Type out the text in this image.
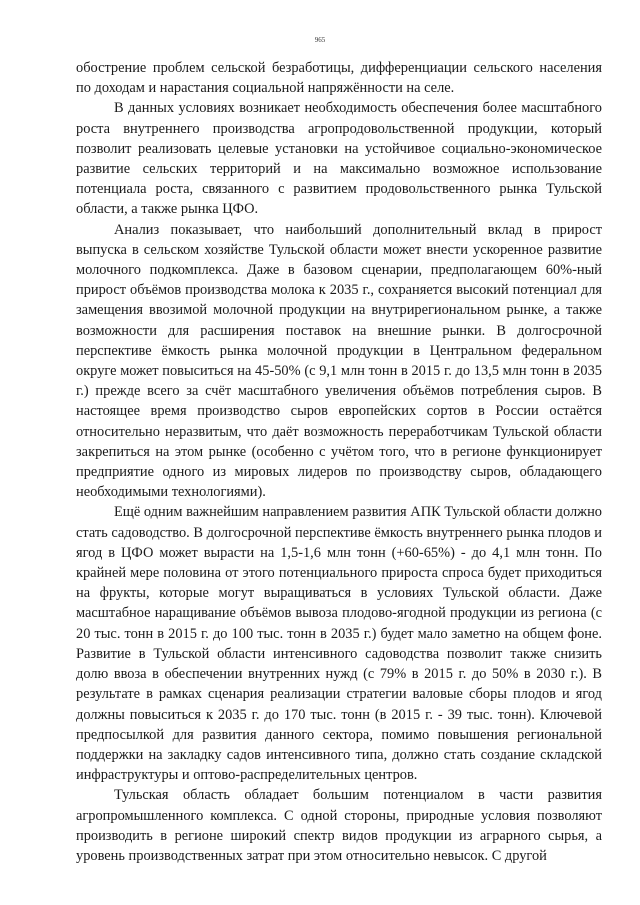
965

обострение проблем сельской безработицы, дифференциации сельского населения по доходам и нарастания социальной напряжённости на селе.

В данных условиях возникает необходимость обеспечения более масштабного роста внутреннего производства агропродовольственной продукции, который позволит реализовать целевые установки на устойчивое социально-экономическое развитие сельских территорий и на максимально возможное использование потенциала роста, связанного с развитием продовольственного рынка Тульской области, а также рынка ЦФО.

Анализ показывает, что наибольший дополнительный вклад в прирост выпуска в сельском хозяйстве Тульской области может внести ускоренное развитие молочного подкомплекса. Даже в базовом сценарии, предполагающем 60%-ный прирост объёмов производства молока к 2035 г., сохраняется высокий потенциал для замещения ввозимой молочной продукции на внутрирегиональном рынке, а также возможности для расширения поставок на внешние рынки. В долгосрочной перспективе ёмкость рынка молочной продукции в Центральном федеральном округе может повыситься на 45-50% (с 9,1 млн тонн в 2015 г. до 13,5 млн тонн в 2035 г.) прежде всего за счёт масштабного увеличения объёмов потребления сыров. В настоящее время производство сыров европейских сортов в России остаётся относительно неразвитым, что даёт возможность переработчикам Тульской области закрепиться на этом рынке (особенно с учётом того, что в регионе функционирует предприятие одного из мировых лидеров по производству сыров, обладающего необходимыми технологиями).

Ещё одним важнейшим направлением развития АПК Тульской области должно стать садоводство. В долгосрочной перспективе ёмкость внутреннего рынка плодов и ягод в ЦФО может вырасти на 1,5-1,6 млн тонн (+60-65%) - до 4,1 млн тонн. По крайней мере половина от этого потенциального прироста спроса будет приходиться на фрукты, которые могут выращиваться в условиях Тульской области. Даже масштабное наращивание объёмов вывоза плодово-ягодной продукции из региона (с 20 тыс. тонн в 2015 г. до 100 тыс. тонн в 2035 г.) будет мало заметно на общем фоне. Развитие в Тульской области интенсивного садоводства позволит также снизить долю ввоза в обеспечении внутренних нужд (с 79% в 2015 г. до 50% в 2030 г.). В результате в рамках сценария реализации стратегии валовые сборы плодов и ягод должны повыситься к 2035 г. до 170 тыс. тонн (в 2015 г. - 39 тыс. тонн). Ключевой предпосылкой для развития данного сектора, помимо повышения региональной поддержки на закладку садов интенсивного типа, должно стать создание складской инфраструктуры и оптово-распределительных центров.

Тульская область обладает большим потенциалом в части развития агропромышленного комплекса. С одной стороны, природные условия позволяют производить в регионе широкий спектр видов продукции из аграрного сырья, а уровень производственных затрат при этом относительно невысок. С другой
